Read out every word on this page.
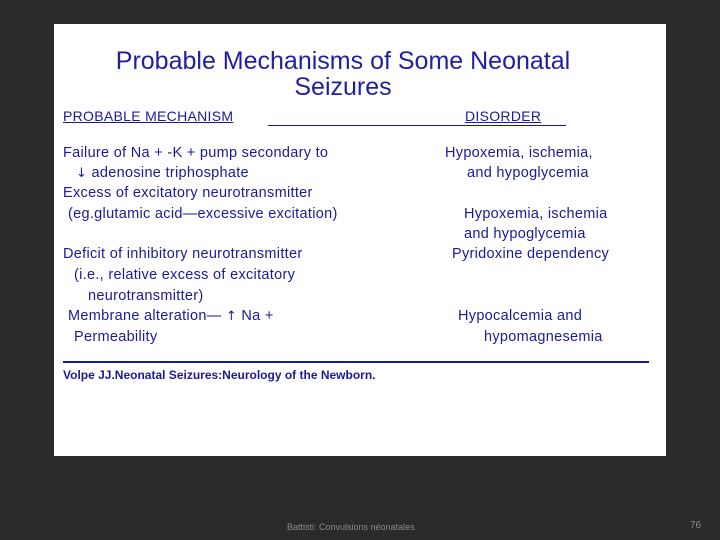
Probable Mechanisms of Some Neonatal
Seizures
PROBABLE MECHANISM	DISORDER
Failure of Na + -K + pump secondary to
↓ adenosine triphosphate
Excess of excitatory neurotransmitter
(eg.glutamic acid—excessive excitation)
Deficit of inhibitory neurotransmitter
(i.e., relative excess of excitatory
neurotransmitter)
Membrane alteration— ↑ Na +
Permeability
Hypoxemia, ischemia,
and hypoglycemia
Hypoxemia, ischemia
and hypoglycemia
Pyridoxine dependency
Hypocalcemia and
hypomagnesemia
Volpe JJ.Neonatal Seizures:Neurology of the Newborn.
Battisti: Convulsions néonatales	76
